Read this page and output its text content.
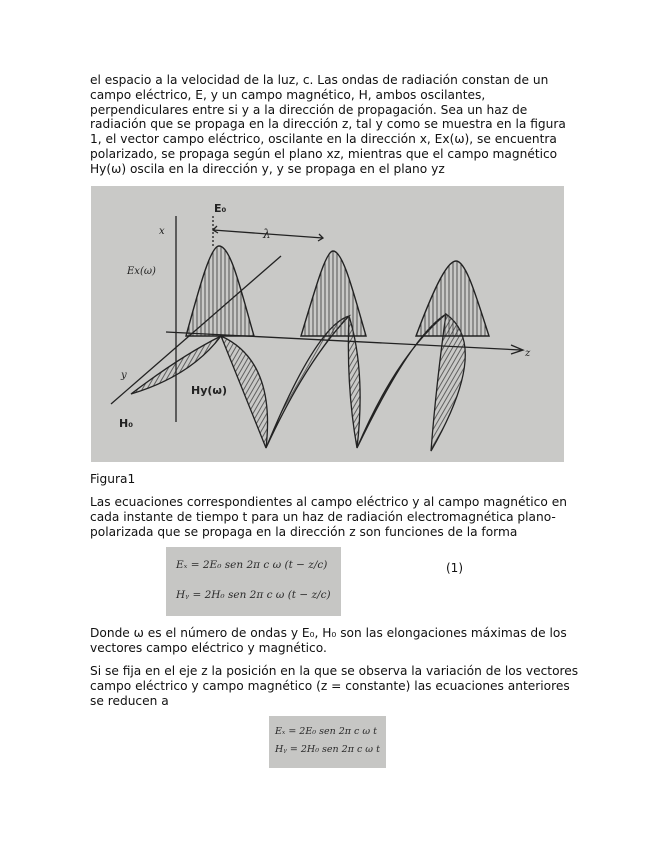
el espacio a la velocidad de la luz, c. Las ondas de radiación constan de un
campo eléctrico, E, y un campo magnético, H, ambos oscilantes,
perpendiculares entre si y a la dirección de propagación. Sea un haz de
radiación que se propaga en la dirección z, tal y como se muestra en la figura
1, el vector campo eléctrico, oscilante en la dirección x, Ex(ω), se encuentra
polarizado, se propaga según el plano xz, mientras que el campo magnético
Hy(ω) oscila en la dirección y, y se propaga en el plano yz
E₀
x	λ
Ex(ω)
z
y
Hy(ω)
H₀
Figura1
Las ecuaciones correspondientes al campo eléctrico y al campo magnético en
cada instante de tiempo t para un haz de radiación electromagnética plano-
polarizada que se propaga en la dirección z son funciones de la forma
Eₓ = 2E₀ sen 2π c ω (t − z/c)
Hᵧ = 2H₀ sen 2π c ω (t − z/c)
(1)
Donde ω es el número de ondas y E₀, H₀ son las elongaciones máximas de los
vectores campo eléctrico y magnético.
Si se fija en el eje z la posición en la que se observa la variación de los vectores
campo eléctrico y campo magnético (z = constante) las ecuaciones anteriores
se reducen a
Eₓ = 2E₀ sen 2π c ω t
Hᵧ = 2H₀ sen 2π c ω t
